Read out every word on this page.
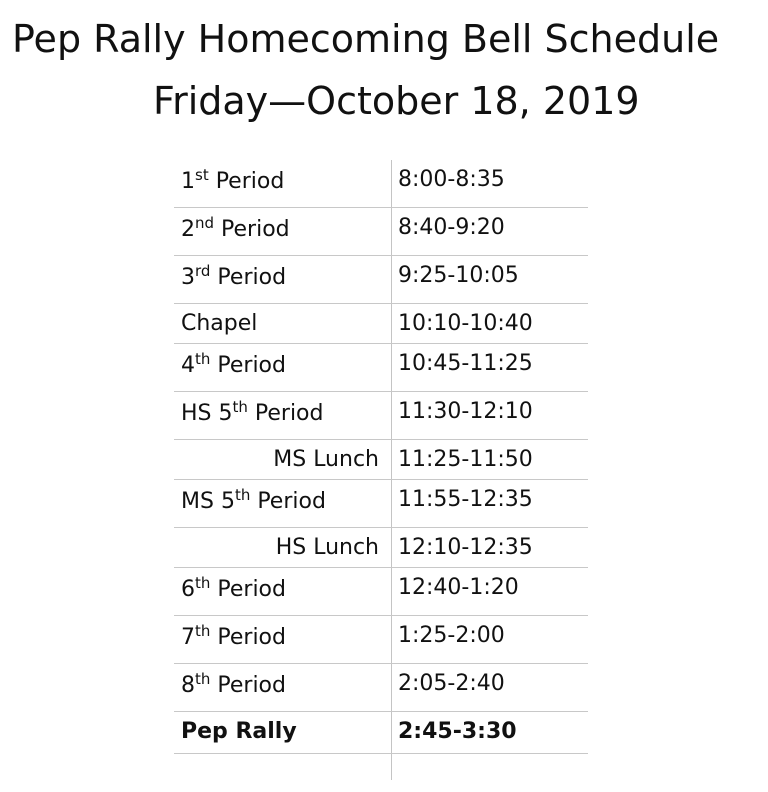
Pep Rally Homecoming Bell Schedule
Friday—October 18, 2019
1st Period	8:00-8:35
2nd Period	8:40-9:20
3rd Period	9:25-10:05
Chapel	10:10-10:40
4th Period	10:45-11:25
HS 5th Period	11:30-12:10
MS Lunch 11:25-11:50
MS 5th Period	11:55-12:35
HS Lunch 12:10-12:35
6th Period	12:40-1:20
7th Period	1:25-2:00
8th Period	2:05-2:40
Pep Rally	2:45-3:30
